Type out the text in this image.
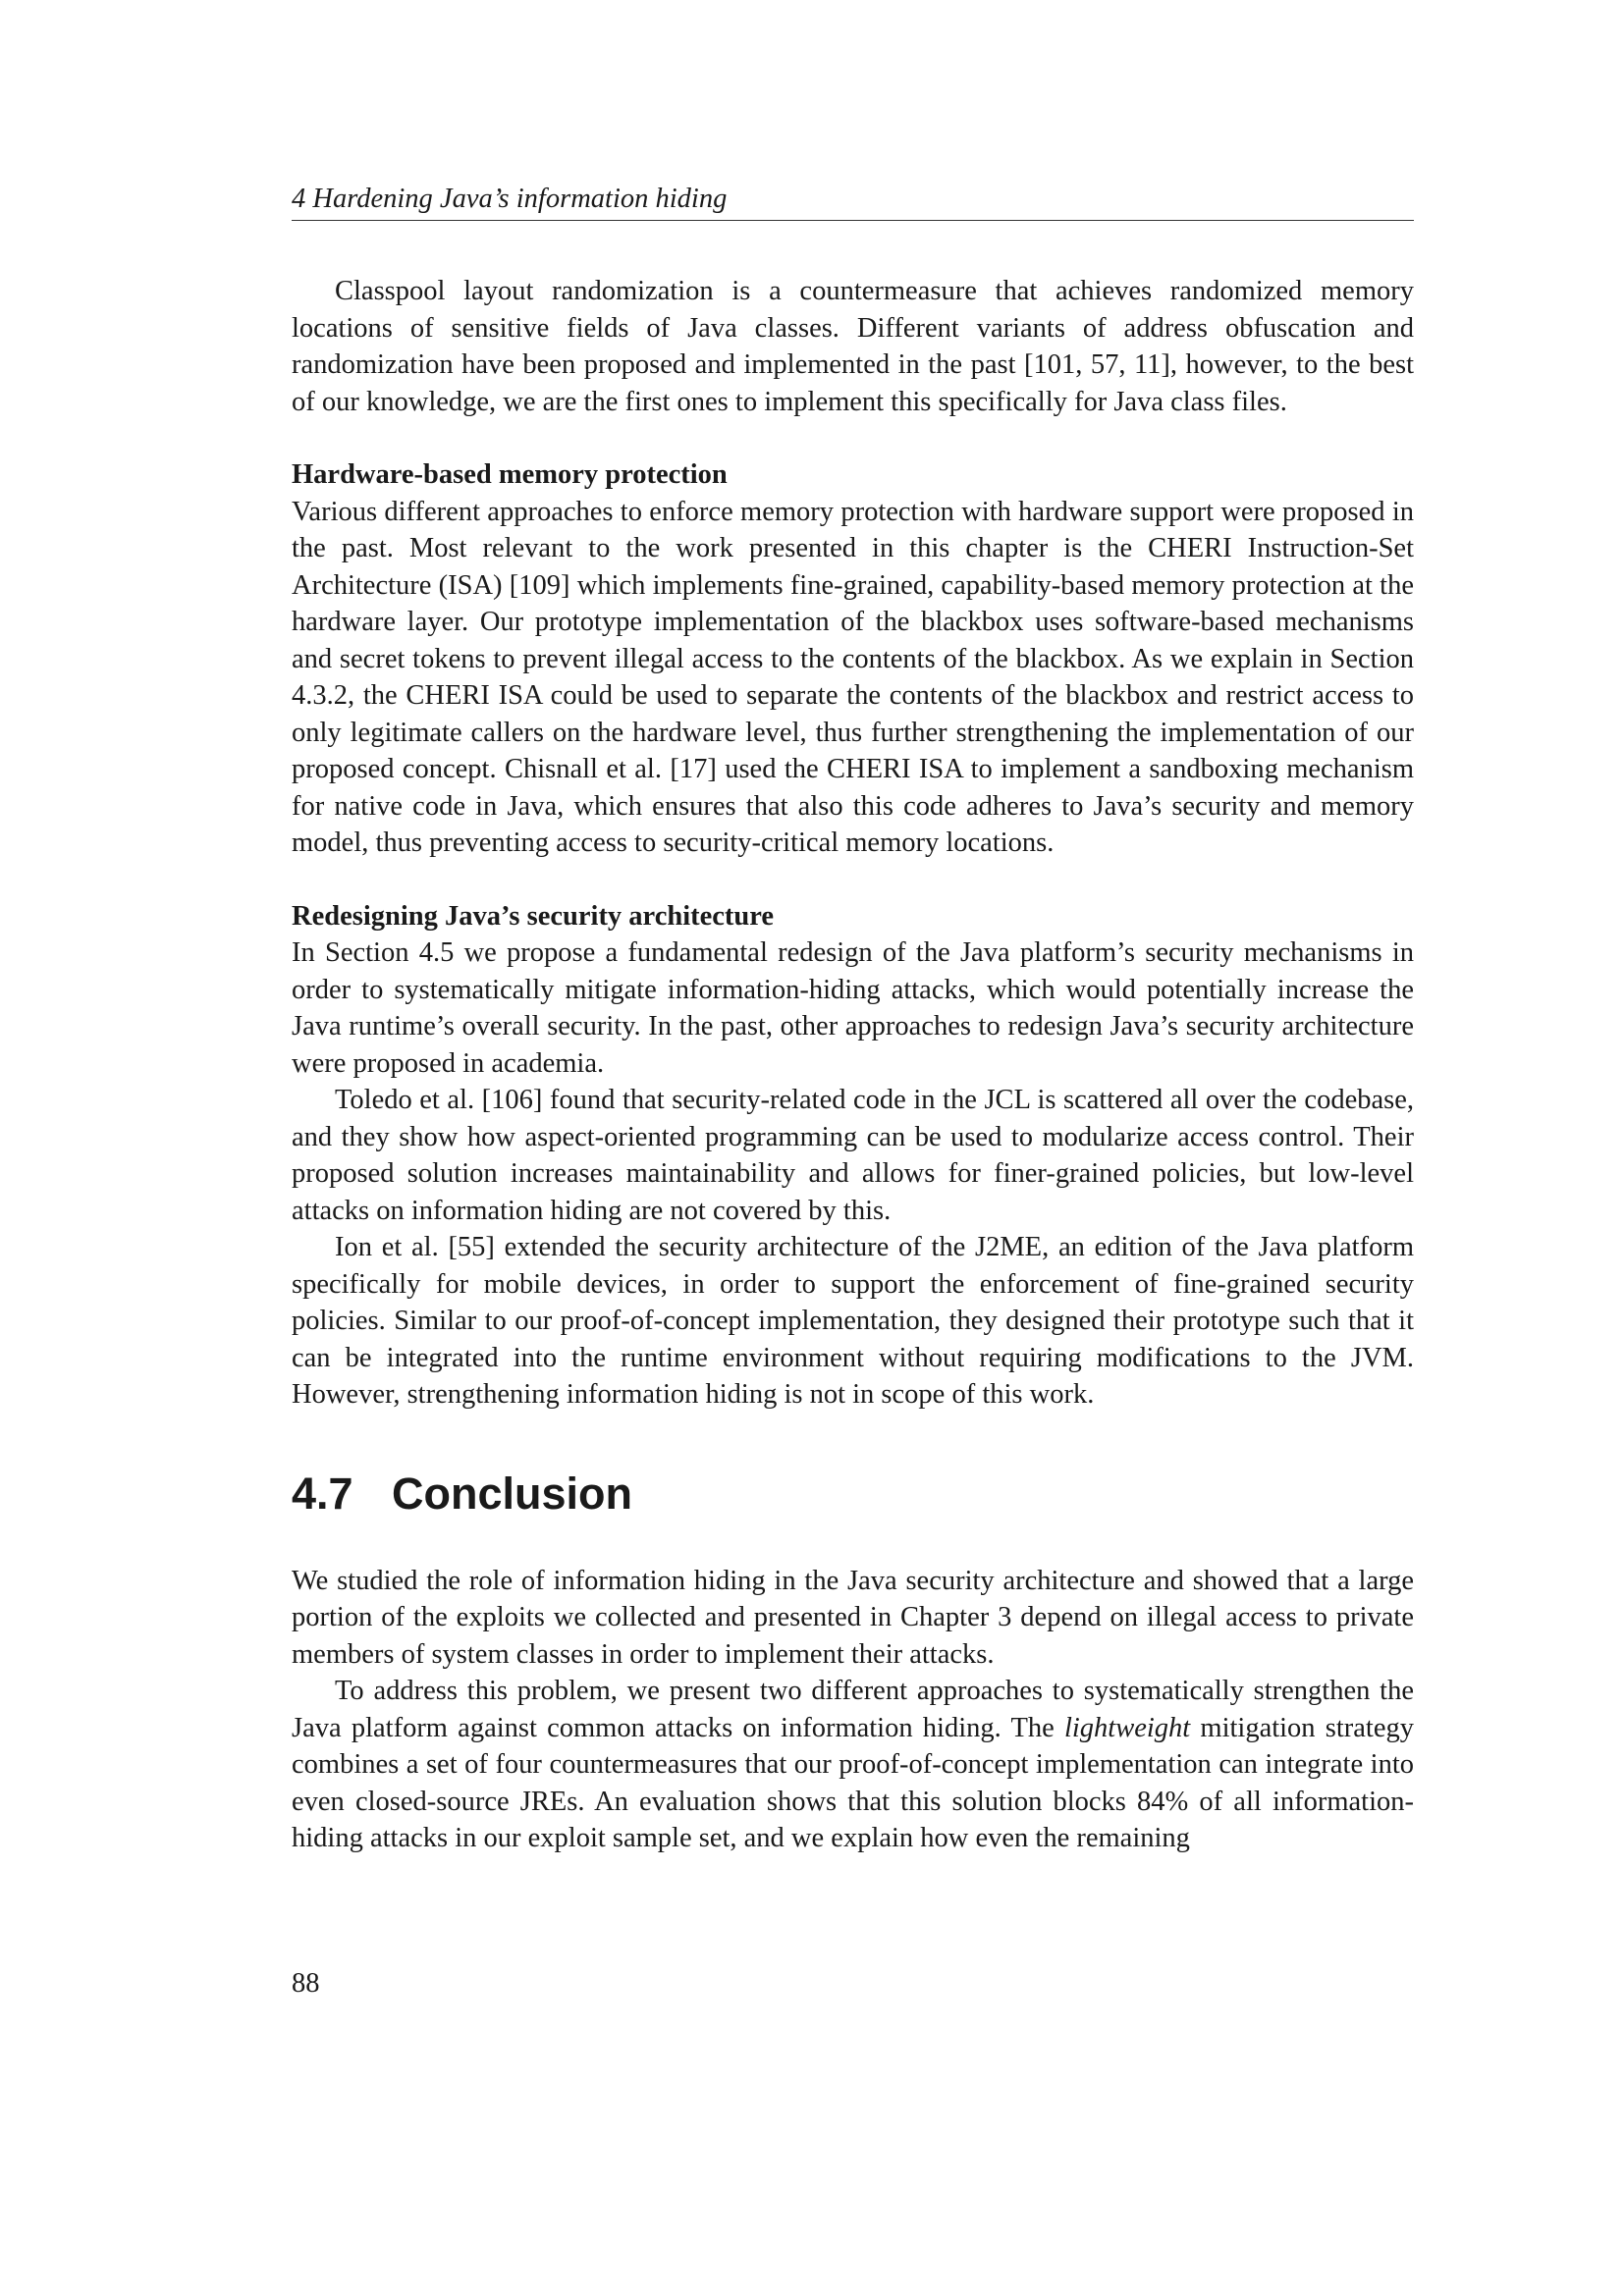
4 Hardening Java’s information hiding

Classpool layout randomization is a countermeasure that achieves randomized memory locations of sensitive fields of Java classes. Different variants of address obfuscation and randomization have been proposed and implemented in the past [101, 57, 11], however, to the best of our knowledge, we are the first ones to implement this specifically for Java class files.

Hardware-based memory protection

Various different approaches to enforce memory protection with hardware support were proposed in the past. Most relevant to the work presented in this chapter is the CHERI Instruction-Set Architecture (ISA) [109] which implements fine-grained, capability-based memory protection at the hardware layer. Our prototype implementation of the blackbox uses software-based mechanisms and secret tokens to prevent illegal access to the contents of the blackbox. As we explain in Section 4.3.2, the CHERI ISA could be used to separate the contents of the blackbox and restrict access to only legitimate callers on the hardware level, thus further strengthening the implementation of our proposed concept. Chisnall et al. [17] used the CHERI ISA to implement a sandboxing mechanism for native code in Java, which ensures that also this code adheres to Java’s security and memory model, thus preventing access to security-critical memory locations.

Redesigning Java’s security architecture

In Section 4.5 we propose a fundamental redesign of the Java platform’s security mechanisms in order to systematically mitigate information-hiding attacks, which would potentially increase the Java runtime’s overall security. In the past, other approaches to redesign Java’s security architecture were proposed in academia.

Toledo et al. [106] found that security-related code in the JCL is scattered all over the codebase, and they show how aspect-oriented programming can be used to modularize access control. Their proposed solution increases maintainability and allows for finer-grained policies, but low-level attacks on information hiding are not covered by this.

Ion et al. [55] extended the security architecture of the J2ME, an edition of the Java platform specifically for mobile devices, in order to support the enforcement of fine-grained security policies. Similar to our proof-of-concept implementation, they designed their prototype such that it can be integrated into the runtime environment without requiring modifications to the JVM. However, strengthening information hiding is not in scope of this work.

4.7 Conclusion

We studied the role of information hiding in the Java security architecture and showed that a large portion of the exploits we collected and presented in Chapter 3 depend on illegal access to private members of system classes in order to implement their attacks.

To address this problem, we present two different approaches to systematically strengthen the Java platform against common attacks on information hiding. The lightweight mitigation strategy combines a set of four countermeasures that our proof-of-concept implementation can integrate into even closed-source JREs. An evaluation shows that this solution blocks 84% of all information-hiding attacks in our exploit sample set, and we explain how even the remaining

88
